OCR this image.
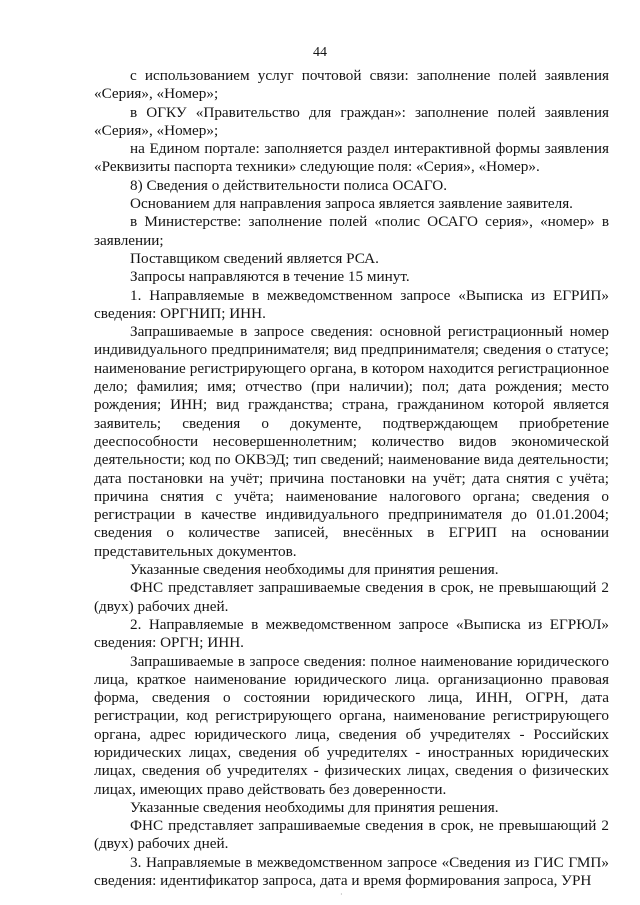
44

с использованием услуг почтовой связи: заполнение полей заявления «Серия», «Номер»;

в ОГКУ «Правительство для граждан»: заполнение полей заявления «Серия», «Номер»;

на Едином портале: заполняется раздел интерактивной формы заявления «Реквизиты паспорта техники» следующие поля: «Серия», «Номер».

8) Сведения о действительности полиса ОСАГО.

Основанием для направления запроса является заявление заявителя.

в Министерстве: заполнение полей «полис ОСАГО серия», «номер» в заявлении;

Поставщиком сведений является РСА.

Запросы направляются в течение 15 минут.

1. Направляемые в межведомственном запросе «Выписка из ЕГРИП» сведения: ОРГНИП; ИНН.

Запрашиваемые в запросе сведения: основной регистрационный номер индивидуального предпринимателя; вид предпринимателя; сведения о статусе; наименование регистрирующего органа, в котором находится регистрационное дело; фамилия; имя; отчество (при наличии); пол; дата рождения; место рождения; ИНН; вид гражданства; страна, гражданином которой является заявитель; сведения о документе, подтверждающем приобретение дееспособности несовершеннолетним; количество видов экономической деятельности; код по ОКВЭД; тип сведений; наименование вида деятельности; дата постановки на учёт; причина постановки на учёт; дата снятия с учёта; причина снятия с учёта; наименование налогового органа; сведения о регистрации в качестве индивидуального предпринимателя до 01.01.2004; сведения о количестве записей, внесённых в ЕГРИП на основании представительных документов.

Указанные сведения необходимы для принятия решения.

ФНС представляет запрашиваемые сведения в срок, не превышающий 2 (двух) рабочих дней.

2. Направляемые в межведомственном запросе «Выписка из ЕГРЮЛ» сведения: ОРГН; ИНН.

Запрашиваемые в запросе сведения: полное наименование юридического лица, краткое наименование юридического лица. организационно правовая форма, сведения о состоянии юридического лица, ИНН, ОГРН, дата регистрации, код регистрирующего органа, наименование регистрирующего органа, адрес юридического лица, сведения об учредителях - Российских юридических лицах, сведения об учредителях - иностранных юридических лицах, сведения об учредителях - физических лицах, сведения о физических лицах, имеющих право действовать без доверенности.

Указанные сведения необходимы для принятия решения.

ФНС представляет запрашиваемые сведения в срок, не превышающий 2 (двух) рабочих дней.

3. Направляемые в межведомственном запросе «Сведения из ГИС ГМП» сведения: идентификатор запроса, дата и время формирования запроса, УРН

·
